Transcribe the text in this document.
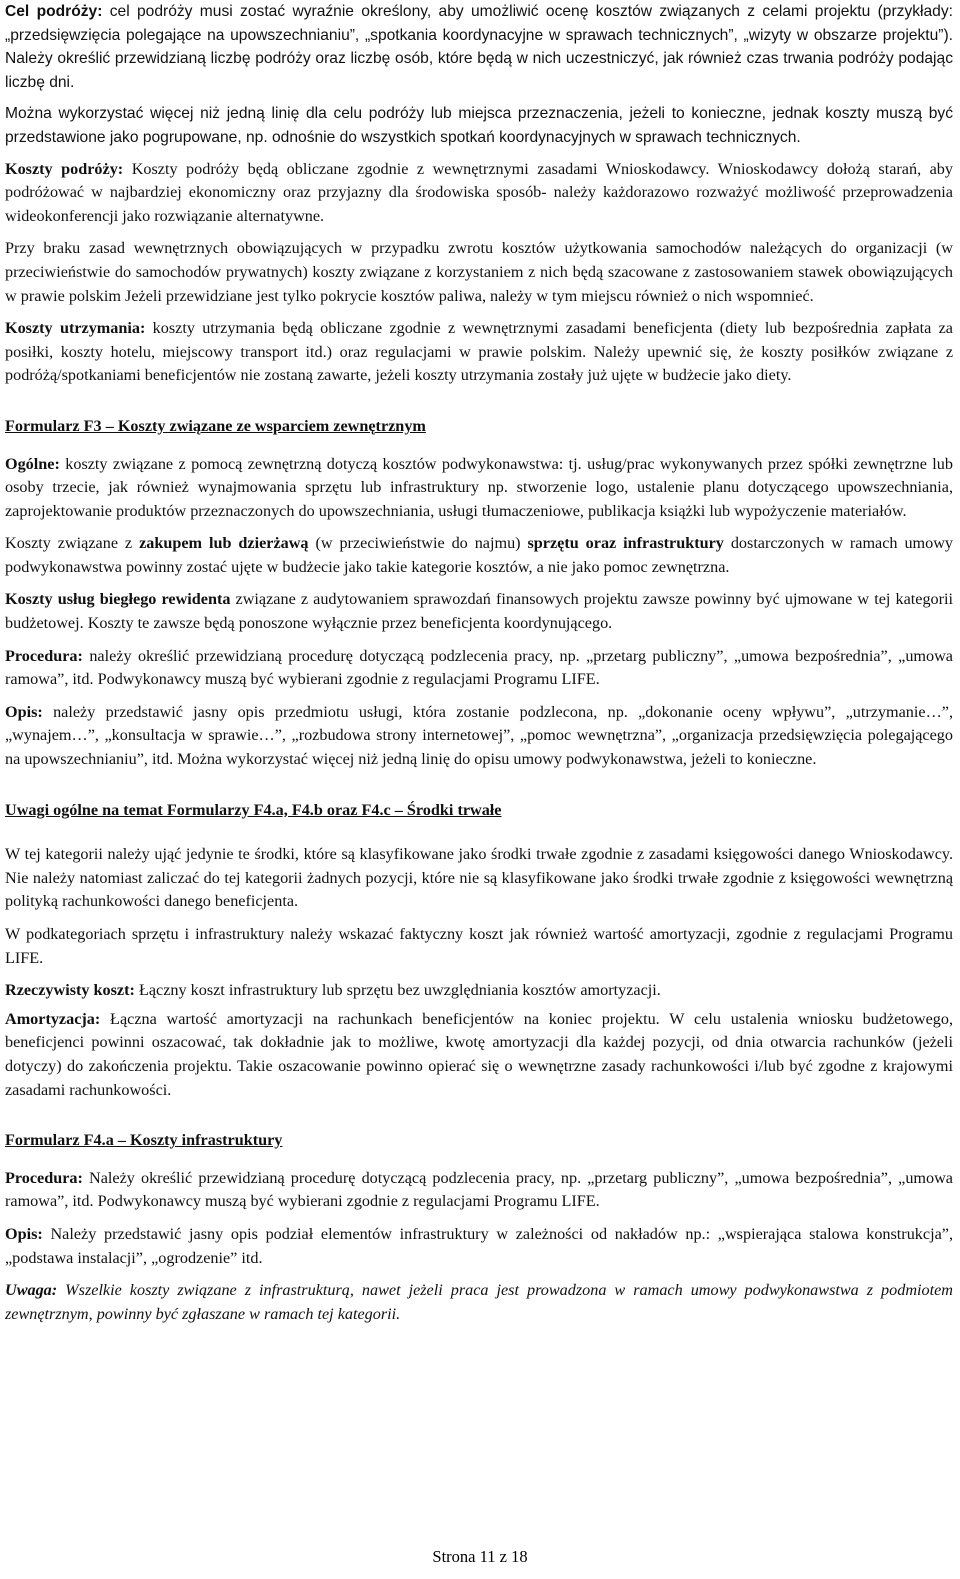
Cel podróży: cel podróży musi zostać wyraźnie określony, aby umożliwić ocenę kosztów związanych z celami projektu (przykłady: „przedsięwzięcia polegające na upowszechnianiu”, „spotkania koordynacyjne w sprawach technicznych”, „wizyty w obszarze projektu”). Należy określić przewidzianą liczbę podróży oraz liczbę osób, które będą w nich uczestniczyć, jak również czas trwania podróży podając liczbę dni.

Można wykorzystać więcej niż jedną linię dla celu podróży lub miejsca przeznaczenia, jeżeli to konieczne, jednak koszty muszą być przedstawione jako pogrupowane, np. odnośnie do wszystkich spotkań koordynacyjnych w sprawach technicznych.

Koszty podróży: Koszty podróży będą obliczane zgodnie z wewnętrznymi zasadami Wnioskodawcy. Wnioskodawcy dołożą starań, aby podróżować w najbardziej ekonomiczny oraz przyjazny dla środowiska sposób- należy każdorazowo rozważyć możliwość przeprowadzenia wideokonferencji jako rozwiązanie alternatywne.

Przy braku zasad wewnętrznych obowiązujących w przypadku zwrotu kosztów użytkowania samochodów należących do organizacji (w przeciwieństwie do samochodów prywatnych) koszty związane z korzystaniem z nich będą szacowane z zastosowaniem stawek obowiązujących w prawie polskim Jeżeli przewidziane jest tylko pokrycie kosztów paliwa, należy w tym miejscu również o nich wspomnieć.

Koszty utrzymania: koszty utrzymania będą obliczane zgodnie z wewnętrznymi zasadami beneficjenta (diety lub bezpośrednia zapłata za posiłki, koszty hotelu, miejscowy transport itd.) oraz regulacjami w prawie polskim. Należy upewnić się, że koszty posiłków związane z podróżą/spotkaniami beneficjentów nie zostaną zawarte, jeżeli koszty utrzymania zostały już ujęte w budżecie jako diety.

Formularz F3 – Koszty związane ze wsparciem zewnętrznym

Ogólne: koszty związane z pomocą zewnętrzną dotyczą kosztów podwykonawstwa: tj. usług/prac wykonywanych przez spółki zewnętrzne lub osoby trzecie, jak również wynajmowania sprzętu lub infrastruktury np. stworzenie logo, ustalenie planu dotyczącego upowszechniania, zaprojektowanie produktów przeznaczonych do upowszechniania, usługi tłumaczeniowe, publikacja książki lub wypożyczenie materiałów.

Koszty związane z zakupem lub dzierżawą (w przeciwieństwie do najmu) sprzętu oraz infrastruktury dostarczonych w ramach umowy podwykonawstwa powinny zostać ujęte w budżecie jako takie kategorie kosztów, a nie jako pomoc zewnętrzna.

Koszty usług biegłego rewidenta związane z audytowaniem sprawozdań finansowych projektu zawsze powinny być ujmowane w tej kategorii budżetowej. Koszty te zawsze będą ponoszone wyłącznie przez beneficjenta koordynującego.

Procedura: należy określić przewidzianą procedurę dotyczącą podzlecenia pracy, np. „przetarg publiczny”, „umowa bezpośrednia”, „umowa ramowa”, itd. Podwykonawcy muszą być wybierani zgodnie z regulacjami Programu LIFE.

Opis: należy przedstawić jasny opis przedmiotu usługi, która zostanie podzlecona, np. „dokonanie oceny wpływu”, „utrzymanie…”, „wynajem…”, „konsultacja w sprawie…”, „rozbudowa strony internetowej”, „pomoc wewnętrzna”, „organizacja przedsięwzięcia polegającego na upowszechnianiu”, itd. Można wykorzystać więcej niż jedną linię do opisu umowy podwykonawstwa, jeżeli to konieczne.

Uwagi ogólne na temat Formularzy F4.a, F4.b oraz F4.c – Środki trwałe

W tej kategorii należy ująć jedynie te środki, które są klasyfikowane jako środki trwałe zgodnie z zasadami księgowości danego Wnioskodawcy. Nie należy natomiast zaliczać do tej kategorii żadnych pozycji, które nie są klasyfikowane jako środki trwałe zgodnie z księgowości wewnętrzną polityką rachunkowości danego beneficjenta.

W podkategoriach sprzętu i infrastruktury należy wskazać faktyczny koszt jak również wartość amortyzacji, zgodnie z regulacjami Programu LIFE.

Rzeczywisty koszt: Łączny koszt infrastruktury lub sprzętu bez uwzględniania kosztów amortyzacji.

Amortyzacja: Łączna wartość amortyzacji na rachunkach beneficjentów na koniec projektu. W celu ustalenia wniosku budżetowego, beneficjenci powinni oszacować, tak dokładnie jak to możliwe, kwotę amortyzacji dla każdej pozycji, od dnia otwarcia rachunków (jeżeli dotyczy) do zakończenia projektu. Takie oszacowanie powinno opierać się o wewnętrzne zasady rachunkowości i/lub być zgodne z krajowymi zasadami rachunkowości.

Formularz F4.a – Koszty infrastruktury

Procedura: Należy określić przewidzianą procedurę dotyczącą podzlecenia pracy, np. „przetarg publiczny”, „umowa bezpośrednia”, „umowa ramowa”, itd. Podwykonawcy muszą być wybierani zgodnie z regulacjami Programu LIFE.

Opis: Należy przedstawić jasny opis podział elementów infrastruktury w zależności od nakładów np.: „wspierająca stalowa konstrukcja”, „podstawa instalacji”, „ogrodzenie” itd.

Uwaga: Wszelkie koszty związane z infrastrukturą, nawet jeżeli praca jest prowadzona w ramach umowy podwykonawstwa z podmiotem zewnętrznym, powinny być zgłaszane w ramach tej kategorii.

Strona 11 z 18
